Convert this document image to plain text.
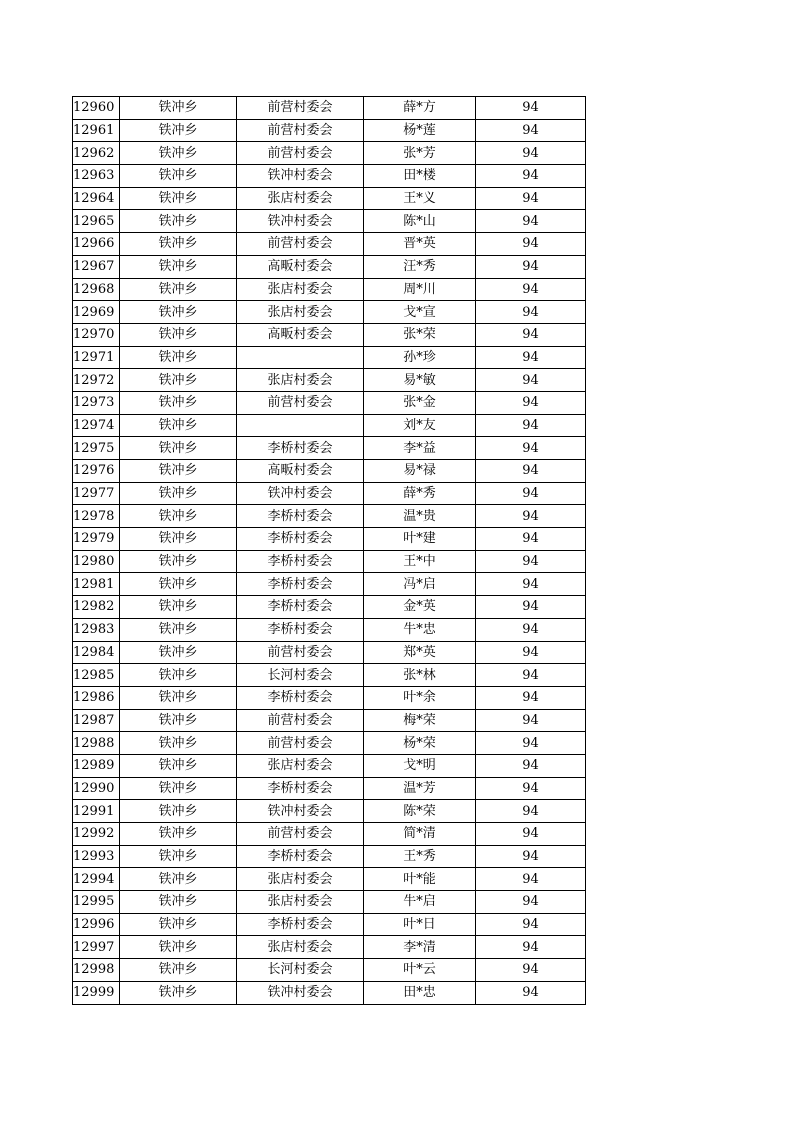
12960	铁冲乡	前营村委会	薛*方	94
12961	铁冲乡	前营村委会	杨*莲	94
12962	铁冲乡	前营村委会	张*芳	94
12963	铁冲乡	铁冲村委会	田*楼	94
12964	铁冲乡	张店村委会	王*义	94
12965	铁冲乡	铁冲村委会	陈*山	94
12966	铁冲乡	前营村委会	晋*英	94
12967	铁冲乡	高畈村委会	汪*秀	94
12968	铁冲乡	张店村委会	周*川	94
12969	铁冲乡	张店村委会	戈*宣	94
12970	铁冲乡	高畈村委会	张*荣	94
12971	铁冲乡		孙*珍	94
12972	铁冲乡	张店村委会	易*敏	94
12973	铁冲乡	前营村委会	张*金	94
12974	铁冲乡		刘*友	94
12975	铁冲乡	李桥村委会	李*益	94
12976	铁冲乡	高畈村委会	易*禄	94
12977	铁冲乡	铁冲村委会	薛*秀	94
12978	铁冲乡	李桥村委会	温*贵	94
12979	铁冲乡	李桥村委会	叶*建	94
12980	铁冲乡	李桥村委会	王*中	94
12981	铁冲乡	李桥村委会	冯*启	94
12982	铁冲乡	李桥村委会	金*英	94
12983	铁冲乡	李桥村委会	牛*忠	94
12984	铁冲乡	前营村委会	郑*英	94
12985	铁冲乡	长河村委会	张*林	94
12986	铁冲乡	李桥村委会	叶*余	94
12987	铁冲乡	前营村委会	梅*荣	94
12988	铁冲乡	前营村委会	杨*荣	94
12989	铁冲乡	张店村委会	戈*明	94
12990	铁冲乡	李桥村委会	温*芳	94
12991	铁冲乡	铁冲村委会	陈*荣	94
12992	铁冲乡	前营村委会	简*清	94
12993	铁冲乡	李桥村委会	王*秀	94
12994	铁冲乡	张店村委会	叶*能	94
12995	铁冲乡	张店村委会	牛*启	94
12996	铁冲乡	李桥村委会	叶*日	94
12997	铁冲乡	张店村委会	李*清	94
12998	铁冲乡	长河村委会	叶*云	94
12999	铁冲乡	铁冲村委会	田*忠	94
